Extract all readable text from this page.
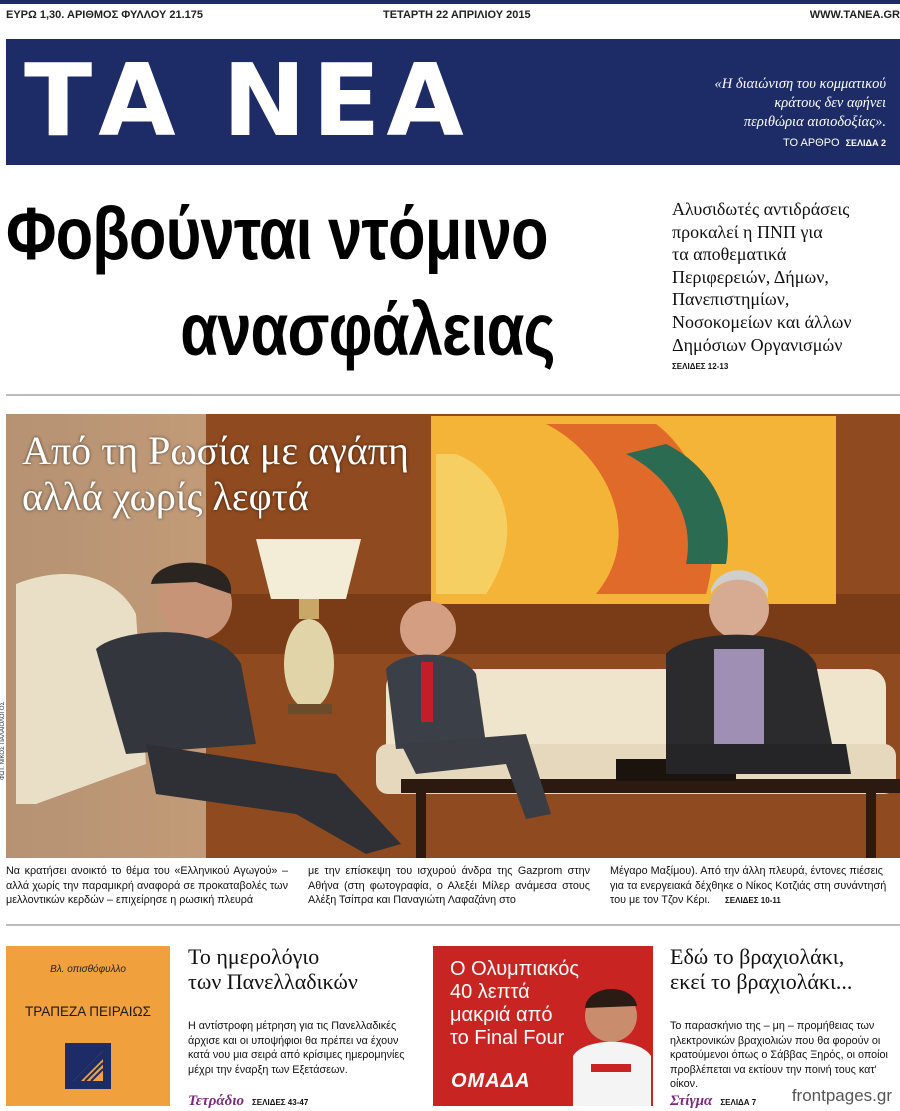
ΕΥΡΩ 1,30. ΑΡΙΘΜΟΣ ΦΥΛΛΟΥ 21.175	ΤΕΤΑΡΤΗ 22 ΑΠΡΙΛΙΟΥ 2015	WWW.TANEA.GR
ΤΑ ΝΕΑ	«Η διαιώνιση του κομματικού
κράτους δεν αφήνει
περιθώρια αισιοδοξίας».
ΤΟ ΑΡΘΡΟ ΣΕΛΙΔΑ 2
Φοβούνται ντόμινο
ανασφάλειας
Αλυσιδωτές αντιδράσεις
προκαλεί η ΠΝΠ για
τα αποθεματικά
Περιφερειών, Δήμων,
Πανεπιστημίων,
Νοσοκομείων και άλλων
Δημόσιων Οργανισμών
ΣΕΛΙΔΕΣ 12-13
Από τη Ρωσία με αγάπη
αλλά χωρίς λεφτά
ΦΩΤ. ΝΙΚΟΣ ΠΑΛΑΙΟΛΟΓΟΣ
Να κρατήσει ανοικτό το θέμα του «Ελληνικού Αγωγού» – αλλά χωρίς την παραμικρή αναφορά σε προκαταβολές των μελλοντικών κερδών – επιχείρησε η ρωσική πλευρά
με την επίσκεψη του ισχυρού άνδρα της Gazprom στην Αθήνα (στη φωτογραφία, ο Αλεξέι Μίλερ ανάμεσα στους Αλέξη Τσίπρα και Παναγιώτη Λαφαζάνη στο
Μέγαρο Μαξίμου). Από την άλλη πλευρά, έντονες πιέσεις για τα ενεργειακά δέχθηκε ο Νίκος Κοτζιάς στη συνάντησή του με τον Τζον Κέρι. ΣΕΛΙΔΕΣ 10-11
Βλ. οπισθόφυλλο
ΤΡΑΠΕΖΑ ΠΕΙΡΑΙΩΣ
Το ημερολόγιο
των Πανελλαδικών
Η αντίστροφη μέτρηση για τις Πανελλαδικές άρχισε και οι υποψήφιοι θα πρέπει να έχουν κατά νου μια σειρά από κρίσιμες ημερομηνίες μέχρι την έναρξη των Εξετάσεων.
Τετράδιο ΣΕΛΙΔΕΣ 43-47
Ο Ολυμπιακός
40 λεπτά
μακριά από
το Final Four
ΟΜΑΔΑ
Εδώ το βραχιολάκι,
εκεί το βραχιολάκι...
Το παρασκήνιο της – μη – προμήθειας των ηλεκτρονικών βραχιολιών που θα φορούν οι κρατούμενοι όπως ο Σάββας Ξηρός, οι οποίοι προβλέπεται να εκτίουν την ποινή τους κατ' οίκον.
Στίγμα ΣΕΛΙΔΑ 7 frontpages.gr
